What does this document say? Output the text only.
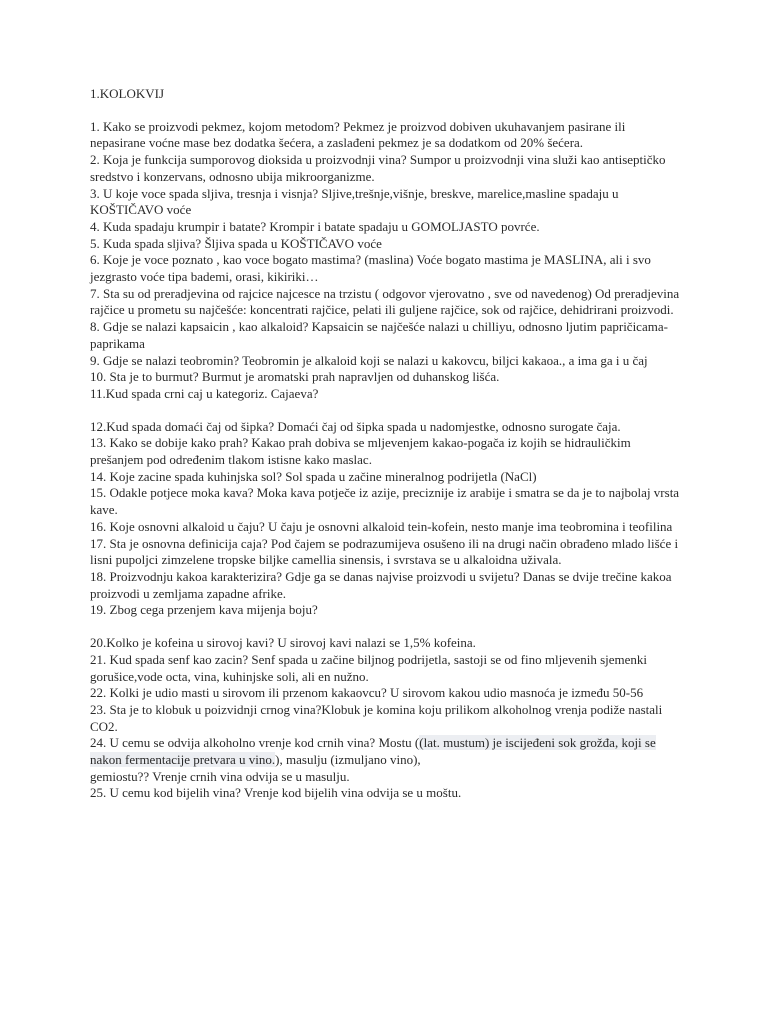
1.KOLOKVIJ

1. Kako se proizvodi pekmez, kojom metodom? Pekmez je proizvod dobiven ukuhavanjem pasirane ili nepasirane voćne mase bez dodatka šećera, a zaslađeni pekmez je sa dodatkom od 20% šećera.

2. Koja je funkcija sumporovog dioksida u proizvodnji vina? Sumpor u proizvodnji vina služi kao antiseptičko sredstvo i konzervans, odnosno ubija mikroorganizme.

3. U koje voce spada sljiva, tresnja i visnja? Sljive,trešnje,višnje, breskve, marelice,masline spadaju u KOŠTIČAVO voće

4. Kuda spadaju krumpir i batate? Krompir i batate spadaju u GOMOLJASTO povrće.

5. Kuda spada sljiva? Šljiva spada u KOŠTIČAVO voće

6. Koje je voce poznato , kao voce bogato mastima? (maslina) Voće bogato mastima je MASLINA, ali i svo jezgrasto voće tipa bademi, orasi, kikiriki…

7. Sta su od preradjevina od rajcice najcesce na trzistu ( odgovor vjerovatno , sve od navedenog) Od preradjevina rajčice u prometu su najčešće: koncentrati rajčice, pelati ili guljene rajčice, sok od rajčice, dehidrirani proizvodi.

8. Gdje se nalazi kapsaicin , kao alkaloid? Kapsaicin se najčešće nalazi u chilliyu, odnosno ljutim papričicama-paprikama

9. Gdje se nalazi teobromin? Teobromin je alkaloid koji se nalazi u kakovcu, biljci kakaoa., a ima ga i u čaj

10. Sta je to burmut? Burmut je aromatski prah napravljen od duhanskog lišća.

11.Kud spada crni caj u kategoriz. Cajaeva?

12.Kud spada domaći čaj od šipka? Domaći čaj od šipka spada u nadomjestke, odnosno surogate čaja.

13. Kako se dobije kako prah? Kakao prah dobiva se mljevenjem kakao-pogača iz kojih se hidrauličkim prešanjem pod određenim tlakom istisne kako maslac.

14. Koje zacine spada kuhinjska sol? Sol spada u začine mineralnog podrijetla (NaCl)

15. Odakle potjece moka kava? Moka kava potječe iz azije, preciznije iz arabije i smatra se da je to najbolaj vrsta kave.

16. Koje osnovni alkaloid u čaju? U čaju je osnovni alkaloid tein-kofein, nesto manje ima teobromina i teofilina

17. Sta je osnovna definicija caja? Pod čajem se podrazumijeva osušeno ili na drugi način obrađeno mlado lišće i lisni pupoljci zimzelene tropske biljke camellia sinensis, i svrstava se u alkaloidna uživala.

18. Proizvodnju kakoa karakterizira? Gdje ga se danas najvise proizvodi u svijetu? Danas se dvije trečine kakoa proizvodi u zemljama zapadne afrike.

19. Zbog cega przenjem kava mijenja boju?

20.Kolko je kofeina u sirovoj kavi? U sirovoj kavi nalazi se 1,5% kofeina.

21. Kud spada senf kao zacin? Senf spada u začine biljnog podrijetla, sastoji se od fino mljevenih sjemenki gorušice,vode octa, vina, kuhinjske soli, ali en nužno.

22. Kolki je udio masti u sirovom ili przenom kakaovcu? U sirovom kakou udio masnoća je između 50-56

23. Sta je to klobuk u poizvidnji crnog vina?Klobuk je komina koju prilikom alkoholnog vrenja podiže nastali CO2.

24. U cemu se odvija alkoholno vrenje kod crnih vina? Mostu ((lat. mustum) je iscijeđeni sok grožđa, koji se nakon fermentacije pretvara u vino.), masulju (izmuljano vino),
gemiostu?? Vrenje crnih vina odvija se u masulju.

25. U cemu kod bijelih vina? Vrenje kod bijelih vina odvija se u moštu.
